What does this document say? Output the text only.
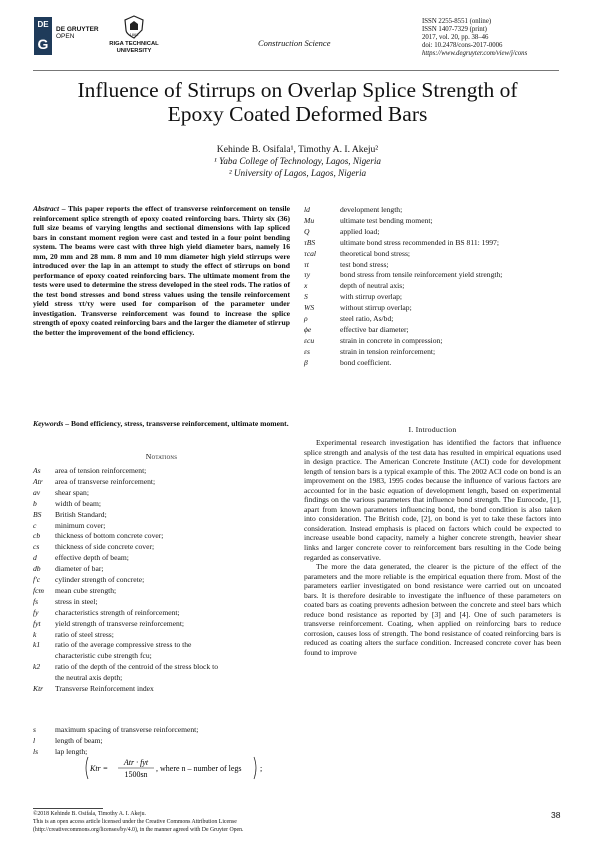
DE
G
DE GRUYTER
OPEN	1862
RIGA TECHNICAL
UNIVERSITY
Construction Science
ISSN 2255-8551 (online)
ISSN 1407-7329 (print)
2017, vol. 20, pp. 38–46
doi: 10.2478/cons-2017-0006
https://www.degruyter.com/view/j/cons
Influence of Stirrups on Overlap Splice Strength of
Epoxy Coated Deformed Bars
Kehinde B. Osifala¹, Timothy A. I. Akeju²
¹ Yaba College of Technology, Lagos, Nigeria
² University of Lagos, Lagos, Nigeria
Abstract – This paper reports the effect of transverse reinforcement on tensile reinforcement splice strength of epoxy coated reinforcing bars. Thirty six (36) full size beams of varying lengths and sectional dimensions with lap spliced bars in constant moment region were cast and tested in a four point bending system. The beams were cast with three high yield diameter bars, namely 16 mm, 20 mm and 28 mm. 8 mm and 10 mm diameter high yield stirrups were introduced over the lap in an attempt to study the effect of stirrups on bond performance of epoxy coated reinforcing bars. The ultimate moment from the tests were used to determine the stress developed in the steel rods. The ratios of the test bond stresses and bond stress values using the tensile reinforcement yield stress τt/τy were used for comparison of the parameter under investigation. Transverse reinforcement was found to increase the splice strength of epoxy coated reinforcing bars and the larger the diameter of stirrup the better the improvement of the bond efficiency.
Keywords – Bond efficiency, stress, transverse reinforcement, ultimate moment.
Notations
As area of tension reinforcement;
Atr area of transverse reinforcement;
av shear span;
b width of beam;
BS British Standard;
c minimum cover;
cb thickness of bottom concrete cover;
cs thickness of side concrete cover;
d effective depth of beam;
db diameter of bar;
f'c cylinder strength of concrete;
fcm mean cube strength;
fs stress in steel;
fy characteristics strength of reinforcement;
fyt yield strength of transverse reinforcement;
k ratio of steel stress;
k1 ratio of the average compressive stress to the
characteristic cube strength fcu;
k2 ratio of the depth of the centroid of the stress block to
the neutral axis depth;
Ktr Transverse Reinforcement index
s	maximum spacing of transverse reinforcement;
l	length of beam;
ls lap length;
Ktr =
Atr · fyt
1500sn
, where n – number of legs ;
ld	development length;
Mu	ultimate test bending moment;
Q	applied load;
τBS	ultimate bond stress recommended in BS 811: 1997;
τcal	theoretical bond stress;
τt	test bond stress;
τy	bond stress from tensile reinforcement yield strength;
x	depth of neutral axis;
S	with stirrup overlap;
WS	without stirrup overlap;
ρ	steel ratio, As/bd;
ϕe	effective bar diameter;
εcu	strain in concrete in compression;
εs	strain in tension reinforcement;
β	bond coefficient.
I. Introduction

Experimental research investigation has identified the factors that influence splice strength and analysis of the test data has resulted in empirical equations used in design practice. The American Concrete Institute (ACI) code for development length of tension bars is a typical example of this. The 2002 ACI code on bond is an improvement on the 1983, 1995 codes because the influence of various factors are accounted for in the basic equation of development length, based on experimental findings on the various parameters that influence bond strength. The Eurocode, [1], apart from known parameters influencing bond, the bond condition is also taken into consideration. The British code, [2], on bond is yet to take these factors into consideration. Instead emphasis is placed on factors which could be expected to increase useable bond capacity, namely a higher concrete strength, heavier shear links and larger concrete cover to reinforcement bars resulting in the Code being regarded as conservative.

The more the data generated, the clearer is the picture of the effect of the parameters and the more reliable is the empirical equation there from. Most of the parameters earlier investigated on bond resistance were carried out on uncoated bars. It is therefore desirable to investigate the influence of these parameters on coated bars as coating prevents adhesion between the concrete and steel bars which reduce bond resistance as reported by [3] and [4]. One of such parameters is transverse reinforcement. Coating, when applied on reinforcing bars to reduce corrosion, causes loss of strength. The bond resistance of coated reinforcing bars is reduced as coating alters the surface condition. Increased concrete cover has been found to improve

©2018 Kehinde B. Osifala, Timothy A. I. Akeju.
This is an open access article licensed under the Creative Commons Attribution License
(http://creativecommons.org/licenses/by/4.0), in the manner agreed with De Gruyter Open.
38
